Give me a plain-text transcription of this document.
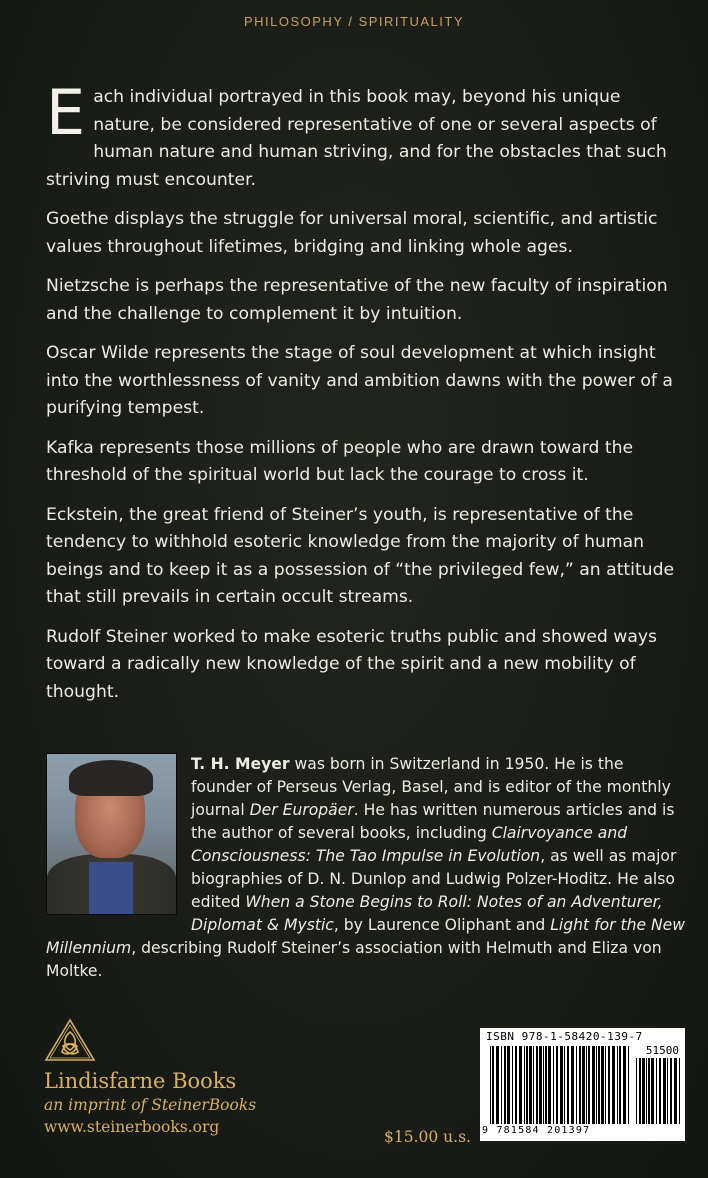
PHILOSOPHY / SPIRITUALITY

Each individual portrayed in this book may, beyond his unique nature, be considered representative of one or several aspects of human nature and human striving, and for the obstacles that such striving must encounter.

Goethe displays the struggle for universal moral, scientific, and artistic values throughout lifetimes, bridging and linking whole ages.

Nietzsche is perhaps the representative of the new faculty of inspiration and the challenge to complement it by intuition.

Oscar Wilde represents the stage of soul development at which insight into the worthlessness of vanity and ambition dawns with the power of a purifying tempest.

Kafka represents those millions of people who are drawn toward the threshold of the spiritual world but lack the courage to cross it.

Eckstein, the great friend of Steiner’s youth, is representative of the tendency to withhold esoteric knowledge from the majority of human beings and to keep it as a possession of “the privileged few,” an attitude that still prevails in certain occult streams.

Rudolf Steiner worked to make esoteric truths public and showed ways toward a radically new knowledge of the spirit and a new mobility of thought.

T. H. Meyer was born in Switzerland in 1950. He is the founder of Perseus Verlag, Basel, and is editor of the monthly journal Der Europäer. He has written numerous articles and is the author of several books, including Clairvoyance and Consciousness: The Tao Impulse in Evolution, as well as major biographies of D. N. Dunlop and Ludwig Polzer-Hoditz. He also edited When a Stone Begins to Roll: Notes of an Adventurer, Diplomat & Mystic, by Laurence Oliphant and Light for the New Millennium, describing Rudolf Steiner’s association with Helmuth and Eliza von Moltke.
Lindisfarne Books
an imprint of SteinerBooks
www.steinerbooks.org
$15.00 u.s.
ISBN 978-1-58420-139-7
51500
9 781584 201397
